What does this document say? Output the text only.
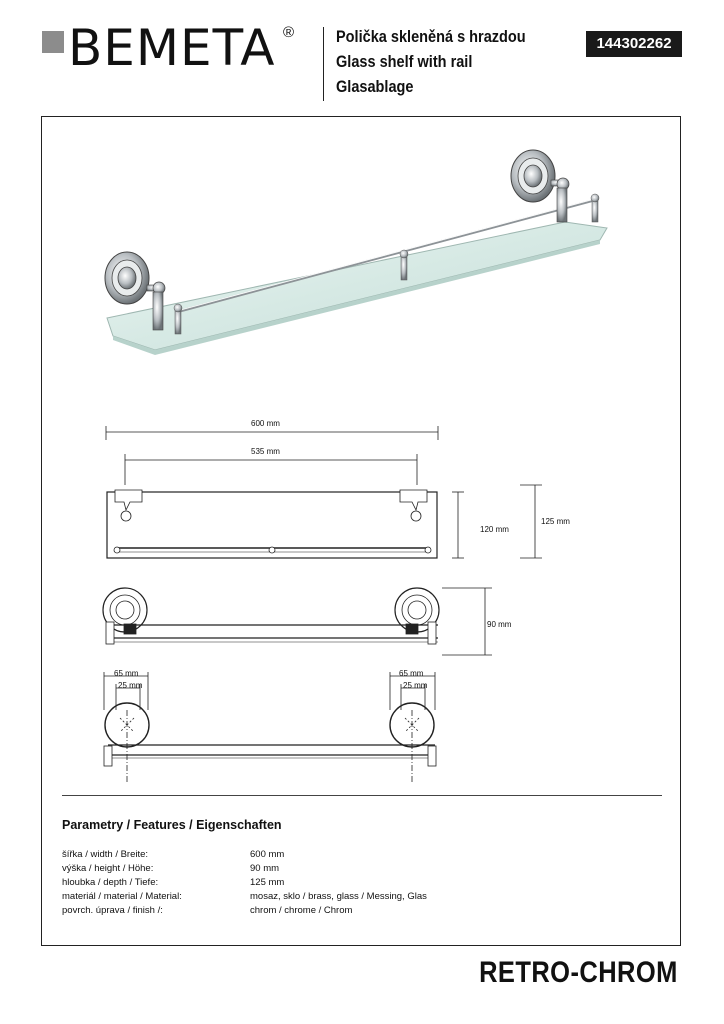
BEMETA ®	Polička skleněná s hrazdou
Glass shelf with rail
Glasablage
144302262
600 mm
535 mm
120 mm
125 mm
90 mm
65 mm
25 mm
65 mm
25 mm
Parametry / Features / Eigenschaften
šířka / width / Breite:	600 mm
výška / height / Höhe:	90 mm
hloubka / depth / Tiefe:	125 mm
materiál / material / Material:	mosaz, sklo / brass, glass / Messing, Glas
povrch. úprava / finish /:	chrom / chrome / Chrom
RETRO-CHROM
